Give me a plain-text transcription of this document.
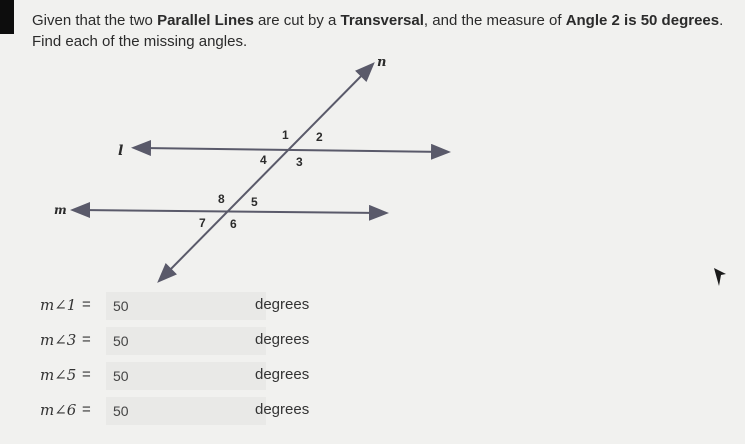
Given that the two Parallel Lines are cut by a Transversal, and the measure of Angle 2 is 50 degrees.
Find each of the missing angles.
n
l
m
1 2
3
4
5
6
7
8
m∠1 =
50	degrees
m∠3 =
50	degrees
m∠5 =
50	degrees
m∠6 =
50	degrees
